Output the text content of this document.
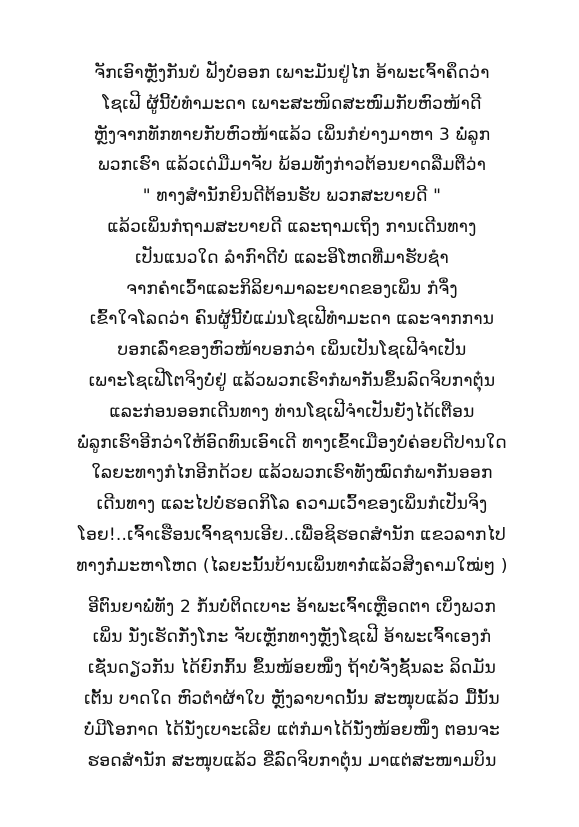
ຈັກເອົາຫຼັງກັນບໍ ຟັງບໍ່ອອກ ເພາະມັນຢູ່ໄກ ອ້າພະເຈົ້າຄຶດວ່າ
ໂຊເຟີ ຜູ້ນີ້ບໍ່ທຳມະດາ ເພາະສະໜິດສະໜົມກັບຫົວໜ້າດີ
ຫຼັງຈາກທັກທາຍກັບຫົວໜ້າແລ້ວ ເພິ່ນກໍຍ່າງມາຫາ 3 ພໍ່ລູກ
ພວກເຮົາ ແລ້ວເດ່ມືມາຈັບ ພ້ອມທັງກ່າວຕ້ອນຍາດລືມຕືວ່າ
" ທາງສຳນັກຍິນດີຕ້ອນຮັບ ພວກສະບາຍດີ "
ແລ້ວເພິ່ນກໍຖາມສະບາຍດີ ແລະຖາມເຖິງ ການເດີນທາງ
ເປັນແນວໃດ ລໍາກົາດີບໍ່ ແລະອິໂຫດທີ່ມາຮັບຊໍາ
ຈາກຄຳເວົ້າແລະກິລິຍາມາລະຍາດຂອງເພິ່ນ ກໍຈຶ່ງ
ເຂົ້າໃຈໂລດວ່າ ຄົນຜູ້ນີ້ບໍ່ແມ່ນໂຊເຟີທຳມະດາ ແລະຈາກການ
ບອກເລົ່າຂອງຫົວໜ້າບອກວ່າ ເພິ່ນເປັນໂຊເຟີຈຳເປັນ
ເພາະໂຊເຟີໂຕຈິງບໍ່ຢູ່ ແລ້ວພວກເຮົາກໍພາກັນຂຶ້ນລົດຈິບກາຕຸ໋ນ
ແລະກ່ອນອອກເດີນທາງ ທ່ານໂຊເຟີຈຳເປັນຍັງໄດ້ເຕືອນ
ພໍ່ລູກເຮົາອີກວ່າໃຫ້ອົດທົນເອົາເດີ ທາງເຂົ້າເມືອງບໍ່ຄ່ອຍດີປານໃດ
ໃລຍະທາງກໍໄກອີກດ້ວຍ ແລ້ວພວກເຮົາທັງໝົດກໍພາກັນອອກ
ເດີນທາງ ແລະໄປບໍ່ຮອດກິໂລ ຄວາມເວົ້າຂອງເພິ່ນກໍເປັນຈິງ
ໂອຍ!..ເຈົ້າເຮືອນເຈົ້າຊານເອີຍ..ເພື່ອຊິຮອດສຳນັກ ແຂວລາກໄປ
ທາງກໍ່ມະຫາໂຫດ (ໄລຍະນັ້ນບ້ານເພິ່ນທາກໍ່ແລ້ວສິງຄາມໃໝ່ໆ )
ອີຕົນຍາພໍ່ທັງ 2 ກໍ້ນບໍ່ຕິດເບາະ ອ້າພະເຈົ້າເຫຼືອດຕາ ເບິ່ງພວກ
ເພິ່ນ ນັ່ງເຮັດກັ່ງໂກະ ຈັບເຫຼັກທາງຫຼັງໂຊເຟີ ອ້າພະເຈົ້າເອງກໍ
ເຊັ່ນດຽວກັນ ໄດ້ຍົກກົ້ນ ຂຶ້ນໜ້ອຍໜຶ່ງ ຖ້າບໍ່ຈັ່ງຊັ້ນລະ ລິດມັນ
ເຕັ້ນ ບາດໃດ ຫົວຕຳຜ້າໃບ ຫຼັງລາບາດນັ້ນ ສະໜຸບແລ້ວ ມື້ນັ້ນ
ບໍ່ມີໂອກາດ ໄດ້ນັ່ງເບາະເລີຍ ແຕ່ກໍມາໄດ້ນັ່ງໜ້ອຍໜຶ່ງ ຕອນຈະ
ຮອດສຳນັກ ສະໜຸບແລ້ວ ຂີ່ລົດຈິບກາຕຸ໋ນ ມາແຕ່ສະໜາມບິນ
